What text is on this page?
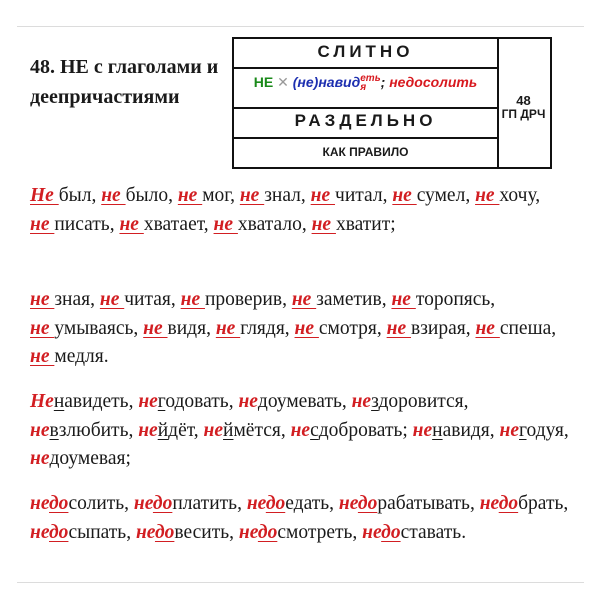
48. НЕ с глаголами и деепричастиями
СЛИТНО
НЕ ✕ (не)навидеть
я ; недосолить
РАЗДЕЛЬНО
КАК ПРАВИЛО
48
ГП ДРЧ
Не был, не было, не мог, не знал, не читал, не сумел, не хочу, не писать, не хватает, не хватало, не хватит;
не зная, не читая, не проверив, не заметив, не торопясь, не умываясь, не видя, не глядя, не смотря, не взирая, не спеша, не медля.
Ненавидеть, негодовать, недоумевать, нездоровится, невзлюбить, нейдёт, неймётся, несдобровать; ненавидя, негодуя, недоумевая;
недосолить, недоплатить, недоедать, недорабатывать, недобрать, недосыпать, недовесить, недосмотреть, недоставать.
